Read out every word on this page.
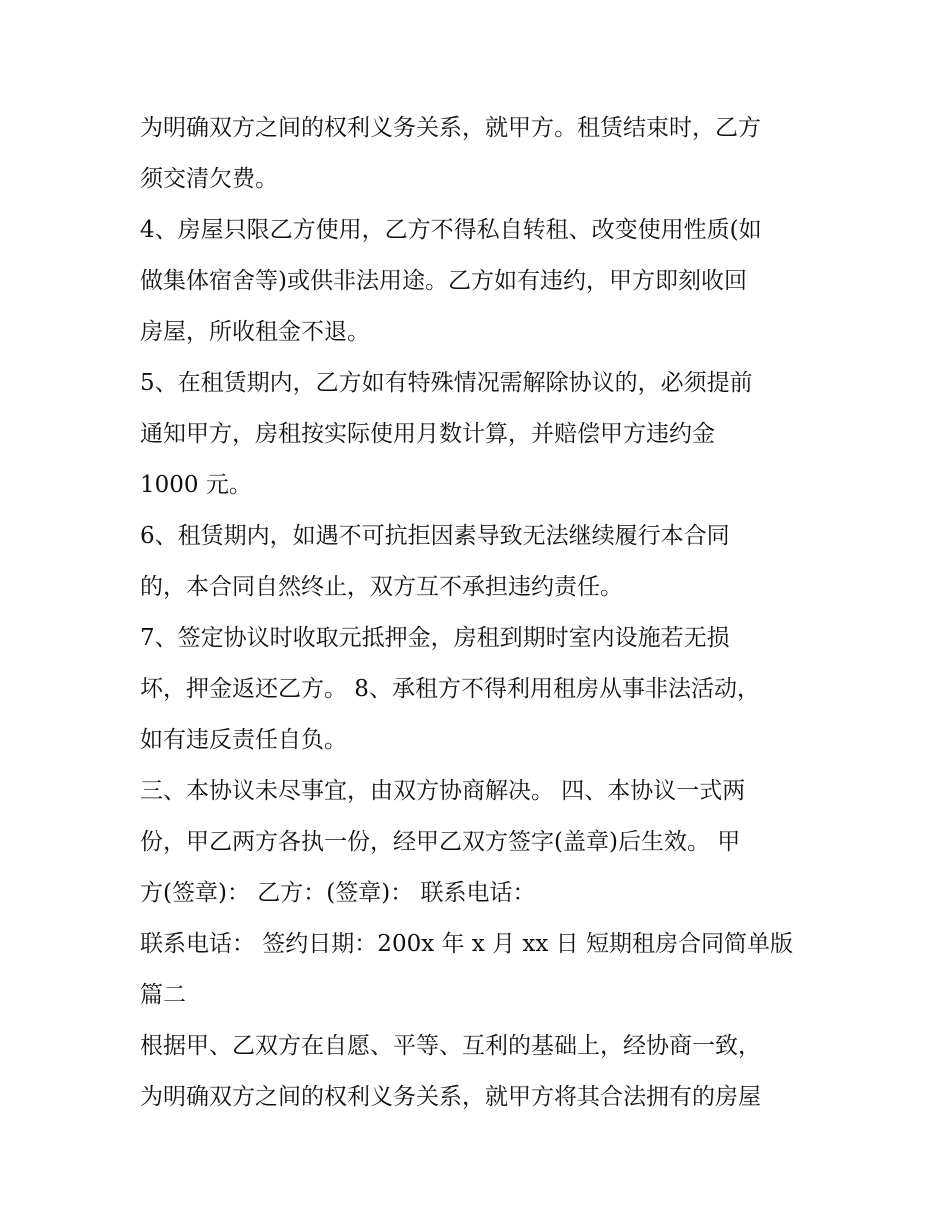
为明确双方之间的权利义务关系，就甲方。租赁结束时，乙方
须交清欠费。
4、房屋只限乙方使用，乙方不得私自转租、改变使用性质(如
做集体宿舍等)或供非法用途。乙方如有违约，甲方即刻收回
房屋，所收租金不退。
5、在租赁期内，乙方如有特殊情况需解除协议的，必须提前
通知甲方，房租按实际使用月数计算，并赔偿甲方违约金
1000 元。
6、租赁期内，如遇不可抗拒因素导致无法继续履行本合同
的，本合同自然终止，双方互不承担违约责任。
7、签定协议时收取元抵押金，房租到期时室内设施若无损
坏，押金返还乙方。 8、承租方不得利用租房从事非法活动，
如有违反责任自负。
三、本协议未尽事宜，由双方协商解决。 四、本协议一式两
份，甲乙两方各执一份，经甲乙双方签字(盖章)后生效。 甲
方(签章)： 乙方：(签章)： 联系电话：
联系电话： 签约日期：200x 年 x 月 xx 日 短期租房合同简单版
篇二
根据甲、乙双方在自愿、平等、互利的基础上，经协商一致，
为明确双方之间的权利义务关系，就甲方将其合法拥有的房屋
